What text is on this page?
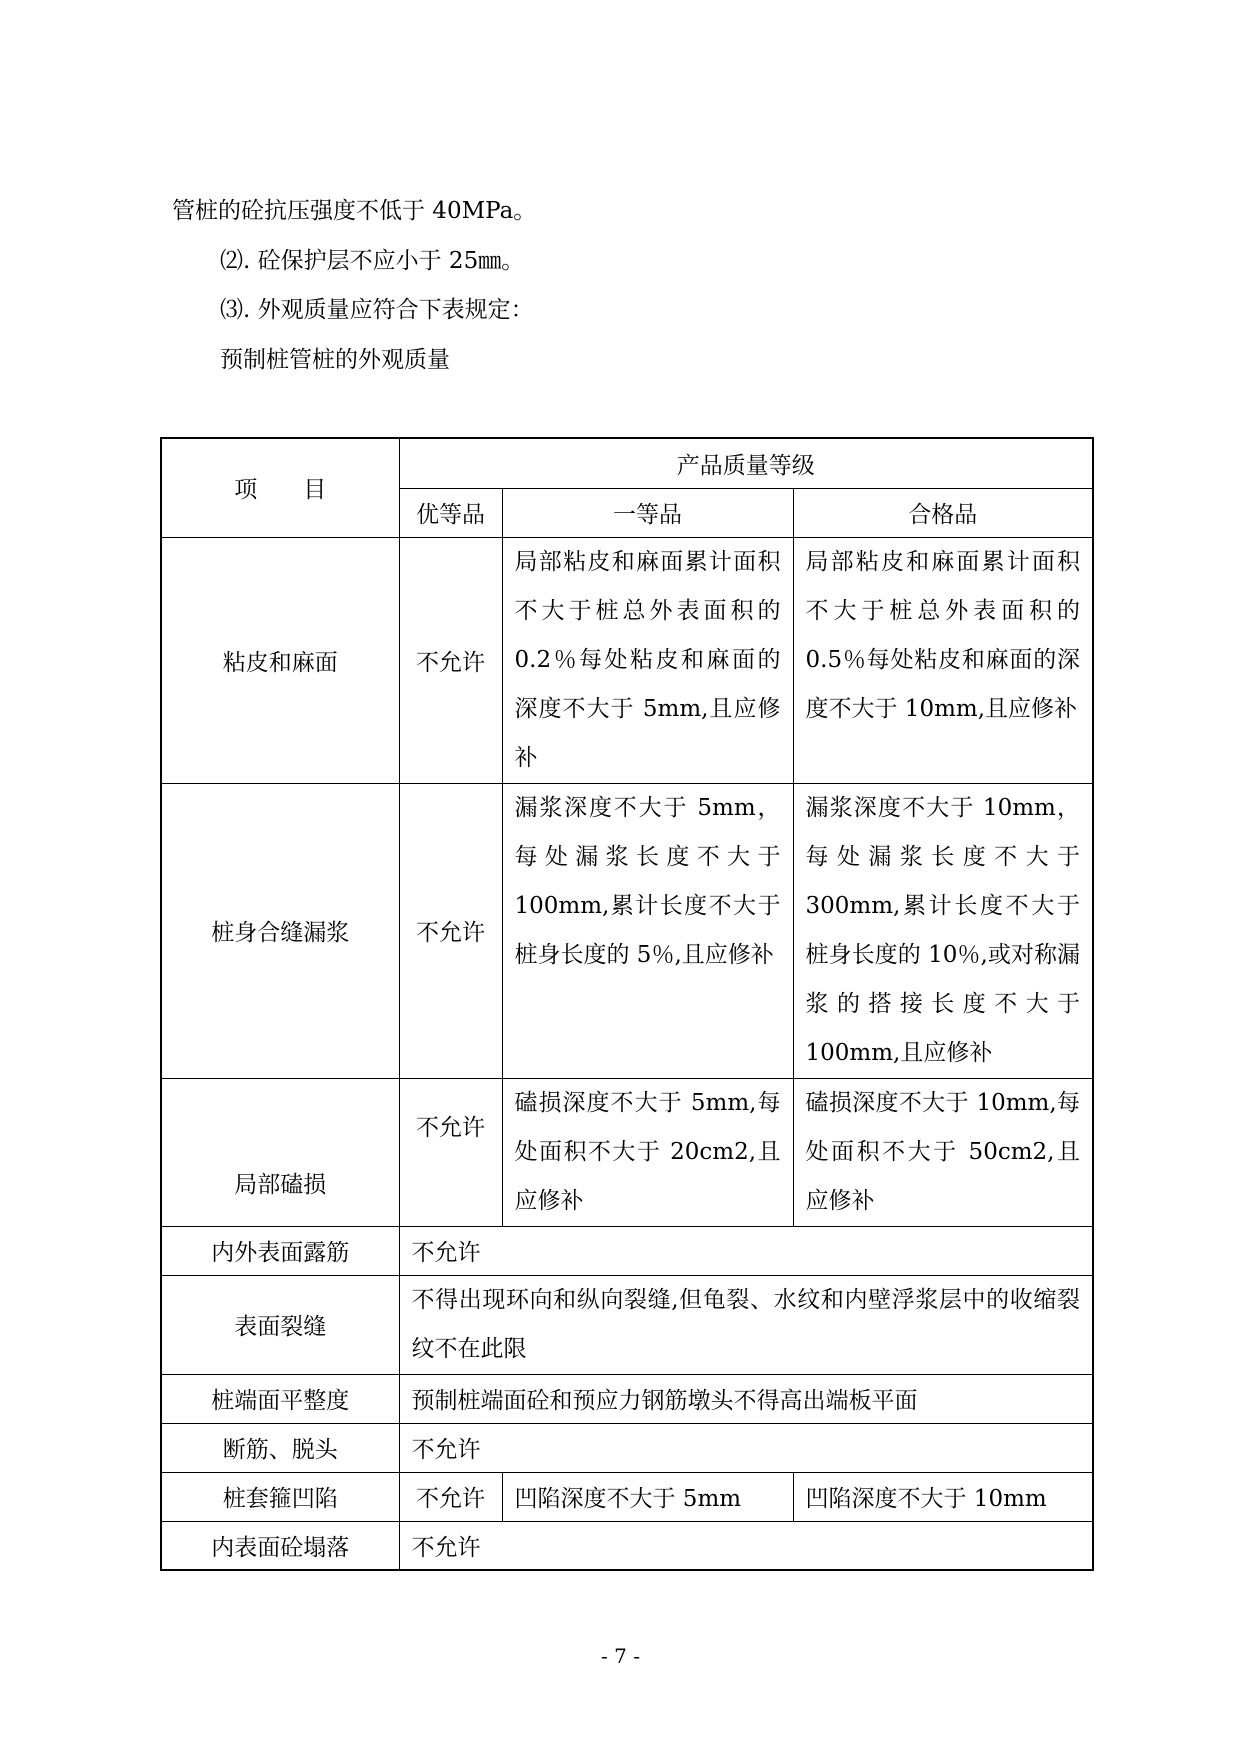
管桩的砼抗压强度不低于 40MPa。
⑵. 砼保护层不应小于 25㎜。
⑶. 外观质量应符合下表规定：
预制桩管桩的外观质量
项　　目	产品质量等级		
	优等品	一等品	合格品
粘皮和麻面	不允许	局部粘皮和麻面累计面积不大于桩总外表面积的 0.2％每处粘皮和麻面的深度不大于 5mm,且应修补	局部粘皮和麻面累计面积不大于桩总外表面积的 0.5％每处粘皮和麻面的深度不大于 10mm,且应修补
桩身合缝漏浆	不允许	漏浆深度不大于 5mm，每处漏浆长度不大于100mm,累计长度不大于桩身长度的 5％,且应修补	漏浆深度不大于 10mm，每处漏浆长度不大于300mm,累计长度不大于桩身长度的 10％,或对称漏浆的搭接长度不大于100mm,且应修补
局部磕损	不允许	磕损深度不大于 5mm,每处面积不大于 20cm2,且应修补	磕损深度不大于 10mm,每处面积不大于 50cm2,且应修补
内外表面露筋	不允许		
表面裂缝	不得出现环向和纵向裂缝,但龟裂、水纹和内壁浮浆层中的收缩裂纹不在此限		
桩端面平整度	预制桩端面砼和预应力钢筋墩头不得高出端板平面		
断筋、脱头	不允许		
桩套箍凹陷	不允许	凹陷深度不大于 5mm	凹陷深度不大于 10mm
内表面砼塌落	不允许		
- 7 -
